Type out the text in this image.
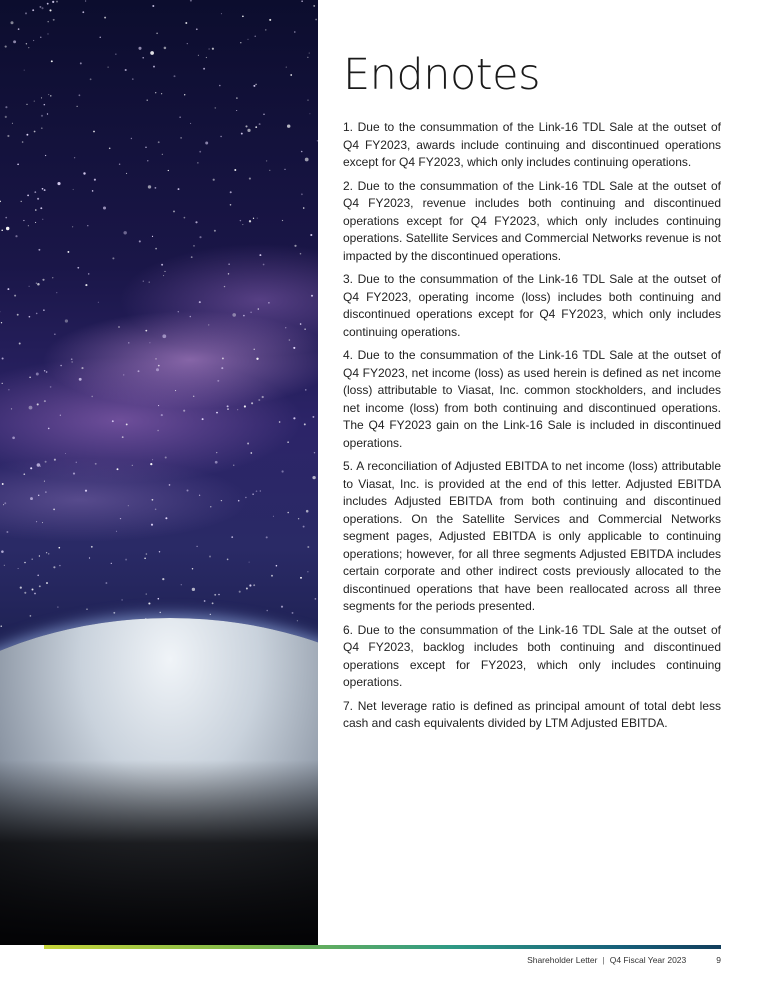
Endnotes

1. Due to the consummation of the Link-16 TDL Sale at the outset of Q4 FY2023, awards include continuing and discontinued operations except for Q4 FY2023, which only includes continuing operations.

2. Due to the consummation of the Link-16 TDL Sale at the outset of Q4 FY2023, revenue includes both continuing and discontinued operations except for Q4 FY2023, which only includes continuing operations. Satellite Services and Commercial Networks revenue is not impacted by the discontinued operations.

3. Due to the consummation of the Link-16 TDL Sale at the outset of Q4 FY2023, operating income (loss) includes both continuing and discontinued operations except for Q4 FY2023, which only includes continuing operations.

4. Due to the consummation of the Link-16 TDL Sale at the outset of Q4 FY2023, net income (loss) as used herein is defined as net income (loss) attributable to Viasat, Inc. common stockholders, and includes net income (loss) from both continuing and discontinued operations. The Q4 FY2023 gain on the Link-16 Sale is included in discontinued operations.

5. A reconciliation of Adjusted EBITDA to net income (loss) attributable to Viasat, Inc. is provided at the end of this letter. Adjusted EBITDA includes Adjusted EBITDA from both continuing and discontinued operations. On the Satellite Services and Commercial Networks segment pages, Adjusted EBITDA is only applicable to continuing operations; however, for all three segments Adjusted EBITDA includes certain corporate and other indirect costs previously allocated to the discontinued operations that have been reallocated across all three segments for the periods presented.

6. Due to the consummation of the Link-16 TDL Sale at the outset of Q4 FY2023, backlog includes both continuing and discontinued operations except for FY2023, which only includes continuing operations.

7. Net leverage ratio is defined as principal amount of total debt less cash and cash equivalents divided by LTM Adjusted EBITDA.

Shareholder Letter | Q4 Fiscal Year 2023	9
